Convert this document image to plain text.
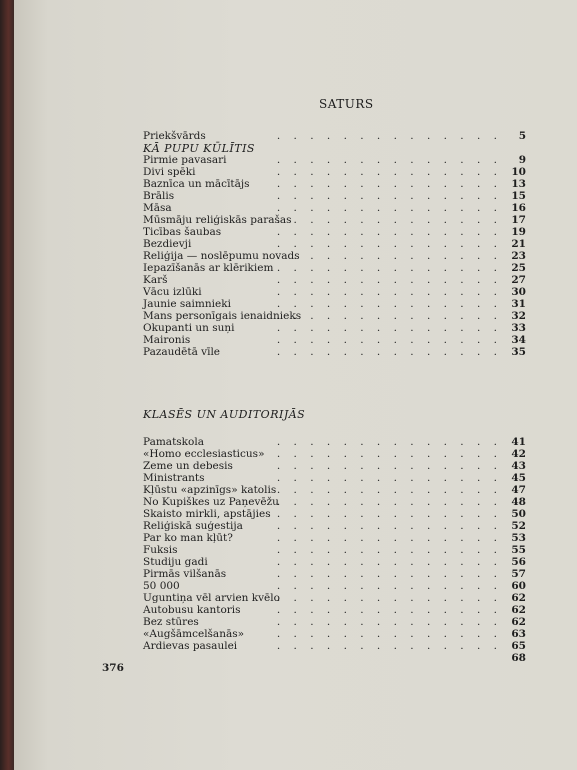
SATURS
Priekšvārds	. . . . . . . . . . . . . . 5
KĀ PUPU KŪLĪTIS
Pirmie pavasari	. . . . . . . . . . . . . . 9
Divi spēki	. . . . . . . . . . . . . . 10
Baznīca un mācītājs	. . . . . . . . . . . . . . 13
Brālis	. . . . . . . . . . . . . . 15
Māsa	. . . . . . . . . . . . . . 16
Mūsmāju reliģiskās parašas
. . . . . . . . . . . . . . 17
Ticības šaubas	. . . . . . . . . . . . . . 19
Bezdievji	. . . . . . . . . . . . . . 21
Reliģija — noslēpumu novads
. . . . . . . . . . . . . . 23
Iepazīšanās ar klērikiem . . . . . . . . . . . . . . 25
Karš	. . . . . . . . . . . . . . 27
Vācu izlūki	. . . . . . . . . . . . . . 30
Jaunie saimnieki	. . . . . . . . . . . . . . 31
Mans personīgais ienaidnieks
. . . . . . . . . . . . . . 32
Okupanti un suņi	. . . . . . . . . . . . . . 33
Maironis	. . . . . . . . . . . . . . 34
Pazaudētā vīle	. . . . . . . . . . . . . . 35
KLASĒS UN AUDITORIJĀS
Pamatskola	. . . . . . . . . . . . . . 41
«Homo ecclesiasticus»	. . . . . . . . . . . . . . 42
Zeme un debesis	. . . . . . . . . . . . . . 43
Ministrants	. . . . . . . . . . . . . . 45
Kļūstu «apzinīgs» katolis . . . . . . . . . . . . . . 47
No Kupiškes uz Paņevēžu
. . . . . . . . . . . . . . 48
Skaisto mirkli, apstājies . . . . . . . . . . . . . . 50
Reliģiskā suģestija	. . . . . . . . . . . . . . 52
Par ko man kļūt?	. . . . . . . . . . . . . . 53
Fuksis	. . . . . . . . . . . . . . 55
Studiju gadi	. . . . . . . . . . . . . . 56
Pirmās vilšanās	. . . . . . . . . . . . . . 57
50 000	. . . . . . . . . . . . . . 60
Uguntiņa vēl arvien kvēlo
. . . . . . . . . . . . . . 62
Autobusu kantoris	. . . . . . . . . . . . . . 62
Bez stūres	. . . . . . . . . . . . . . 62
«Augšāmcelšanās»	. . . . . . . . . . . . . . 63
Ardievas pasaulei	. . . . . . . . . . . . . . 65
68
376
